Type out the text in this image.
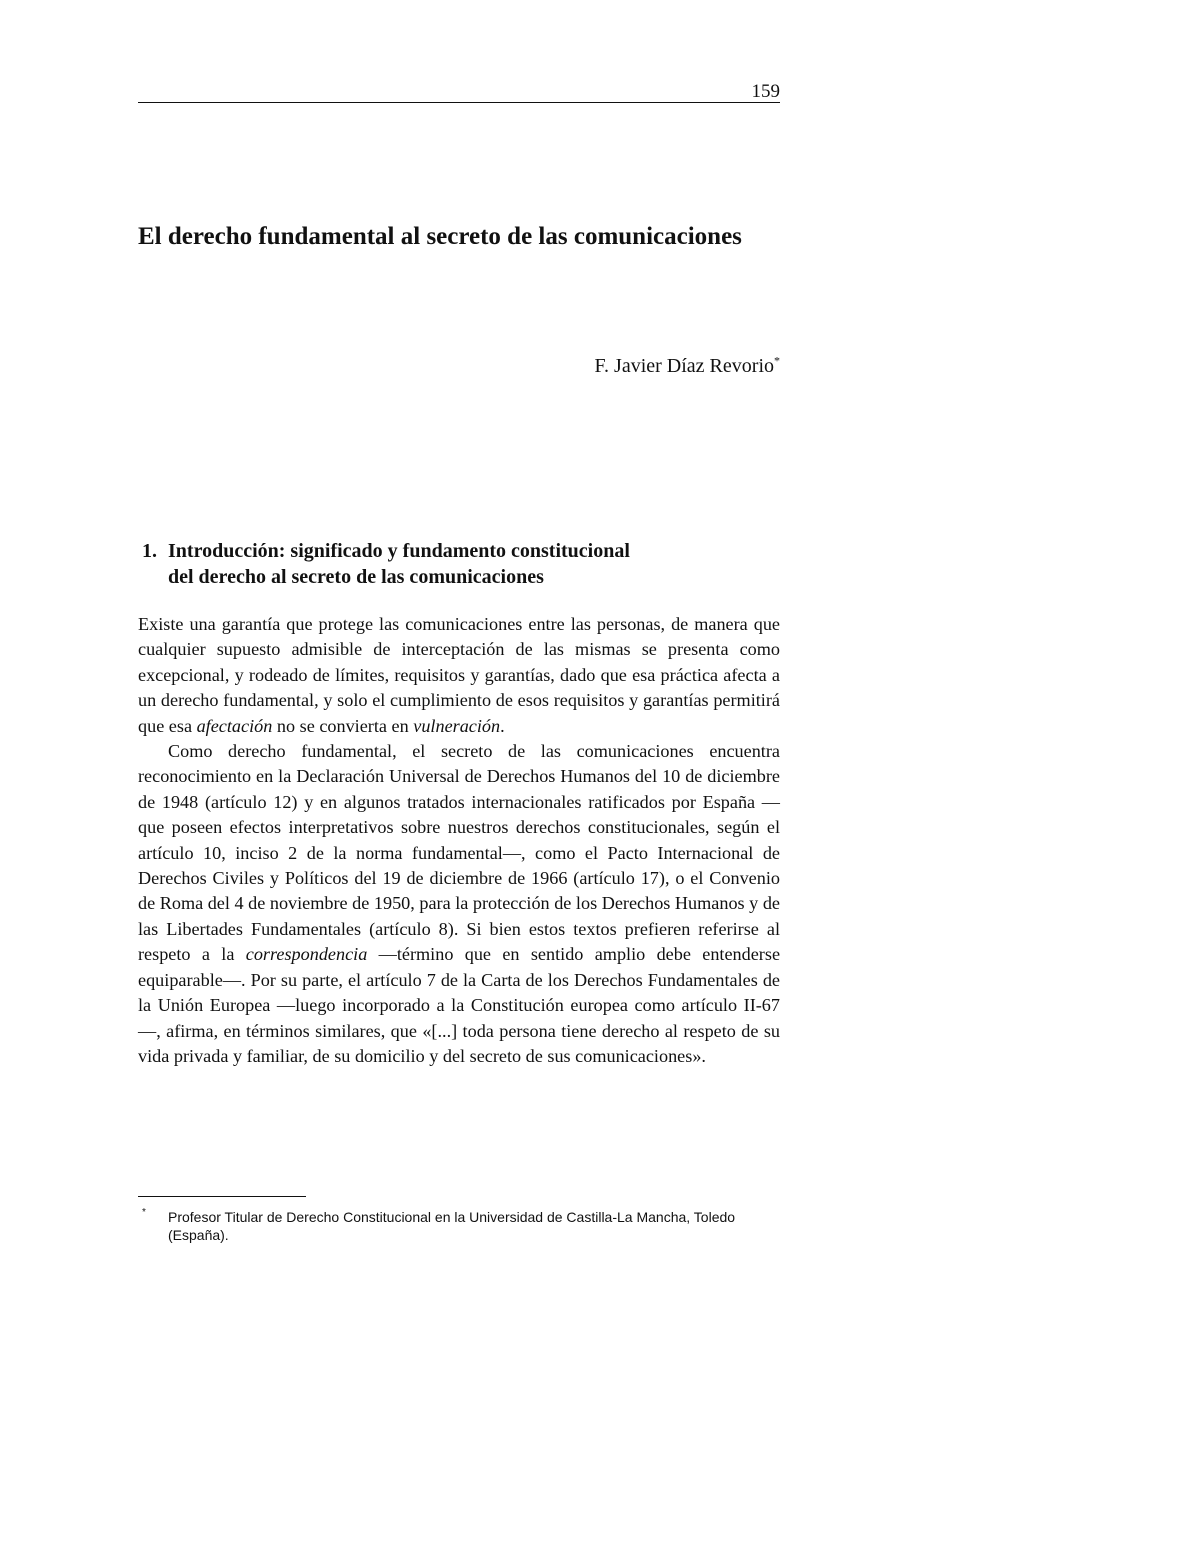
159
El derecho fundamental al secreto de las comunicaciones
F. Javier Díaz Revorio*
1. Introducción: significado y fundamento constitucional
del derecho al secreto de las comunicaciones

Existe una garantía que protege las comunicaciones entre las personas, de manera que cualquier supuesto admisible de interceptación de las mismas se presenta como excepcional, y rodeado de límites, requisitos y garantías, dado que esa práctica afecta a un derecho fundamental, y solo el cumplimiento de esos requisitos y garantías permitirá que esa afectación no se convierta en vulneración.

Como derecho fundamental, el secreto de las comunicaciones encuentra reconocimiento en la Declaración Universal de Derechos Humanos del 10 de diciembre de 1948 (artículo 12) y en algunos tratados internacionales ratificados por España —que poseen efectos interpretativos sobre nuestros derechos constitucionales, según el artículo 10, inciso 2 de la norma fundamental—, como el Pacto Internacional de Derechos Civiles y Políticos del 19 de diciembre de 1966 (artículo 17), o el Convenio de Roma del 4 de noviembre de 1950, para la protección de los Derechos Humanos y de las Libertades Fundamentales (artículo 8). Si bien estos textos prefieren referirse al respeto a la correspondencia —término que en sentido amplio debe entenderse equiparable—. Por su parte, el artículo 7 de la Carta de los Derechos Fundamentales de la Unión Europea —luego incorporado a la Constitución europea como artículo II-67—, afirma, en términos similares, que «[...] toda persona tiene derecho al respeto de su vida privada y familiar, de su domicilio y del secreto de sus comunicaciones».

*	Profesor Titular de Derecho Constitucional en la Universidad de Castilla-La Mancha, Toledo (España).
